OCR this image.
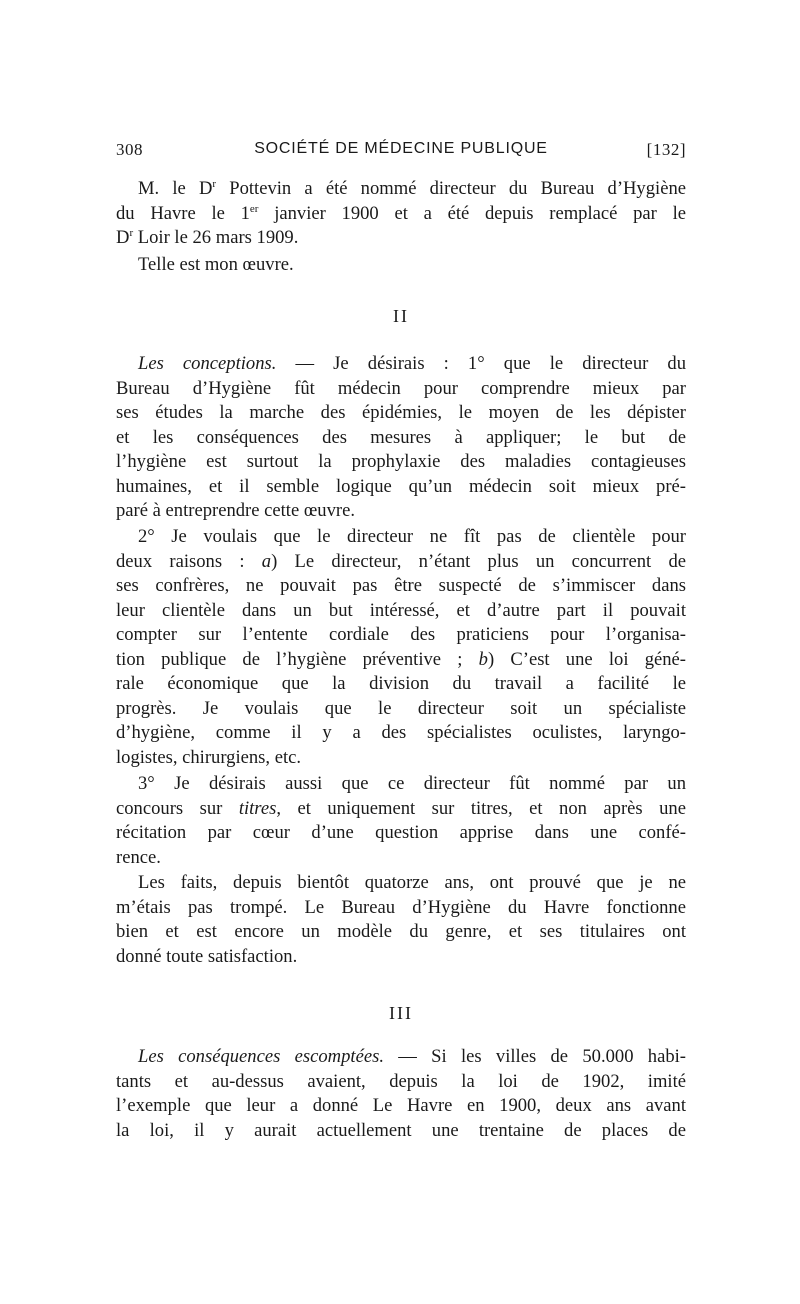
308	SOCIÉTÉ DE MÉDECINE PUBLIQUE	[132]
M. le $D^r$ Pottevin a été nommé directeur du Bureau d’Hygiène
du Havre le 1er janvier 1900 et a été depuis remplacé par le
$D^r$ Loir le 26 mars 1909.
Telle est mon œuvre.
II
Les conceptions. — Je désirais : 1° que le directeur du
Bureau d’Hygiène fût médecin pour comprendre mieux par
ses études la marche des épidémies, le moyen de les dépister
et les conséquences des mesures à appliquer; le but de
l’hygiène est surtout la prophylaxie des maladies contagieuses
humaines, et il semble logique qu’un médecin soit mieux pré-
paré à entreprendre cette œuvre.
2° Je voulais que le directeur ne fît pas de clientèle pour
deux raisons : a) Le directeur, n’étant plus un concurrent de
ses confrères, ne pouvait pas être suspecté de s’immiscer dans
leur clientèle dans un but intéressé, et d’autre part il pouvait
compter sur l’entente cordiale des praticiens pour l’organisa-
tion publique de l’hygiène préventive ; b) C’est une loi géné-
rale économique que la division du travail a facilité le
progrès. Je voulais que le directeur soit un spécialiste
d’hygiène, comme il y a des spécialistes oculistes, laryngo-
logistes, chirurgiens, etc.
3° Je désirais aussi que ce directeur fût nommé par un
concours sur titres, et uniquement sur titres, et non après une
récitation par cœur d’une question apprise dans une confé-
rence.
Les faits, depuis bientôt quatorze ans, ont prouvé que je ne
m’étais pas trompé. Le Bureau d’Hygiène du Havre fonctionne
bien et est encore un modèle du genre, et ses titulaires ont
donné toute satisfaction.
III
Les conséquences escomptées. — Si les villes de 50.000 habi-
tants et au-dessus avaient, depuis la loi de 1902, imité
l’exemple que leur a donné Le Havre en 1900, deux ans avant
la loi, il y aurait actuellement une trentaine de places de
